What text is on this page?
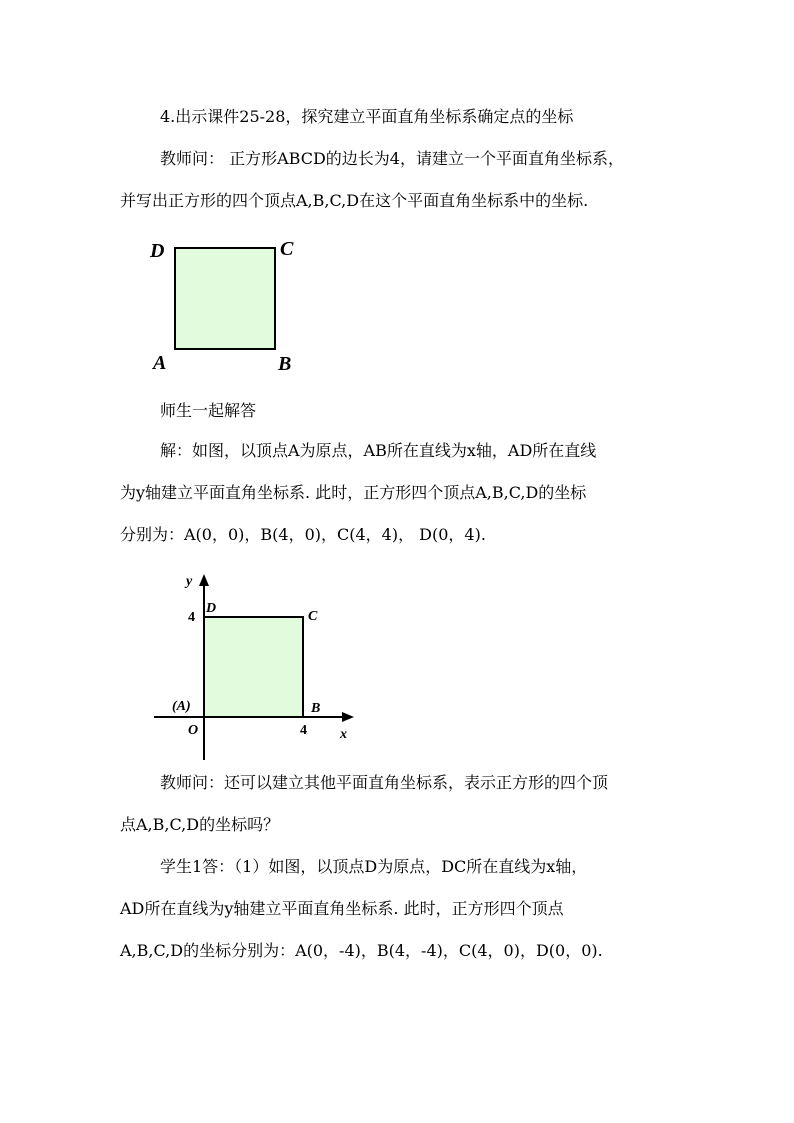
4.出示课件25-28，探究建立平面直角坐标系确定点的坐标
教师问： 正方形ABCD的边长为4，请建立一个平面直角坐标系，
并写出正方形的四个顶点A,B,C,D在这个平面直角坐标系中的坐标.
D	C
A	B
师生一起解答
解：如图，以顶点A为原点，AB所在直线为x轴，AD所在直线
为y轴建立平面直角坐标系. 此时，正方形四个顶点A,B,C,D的坐标
分别为：A(0，0)，B(4，0)，C(4，4)， D(0，4).
y
x
O
4
4
D
C
(A)	B
教师问：还可以建立其他平面直角坐标系，表示正方形的四个顶
点A,B,C,D的坐标吗？
学生1答：（1）如图，以顶点D为原点，DC所在直线为x轴，
AD所在直线为y轴建立平面直角坐标系. 此时，正方形四个顶点
A,B,C,D的坐标分别为：A(0，-4)，B(4，-4)，C(4，0)，D(0，0).
